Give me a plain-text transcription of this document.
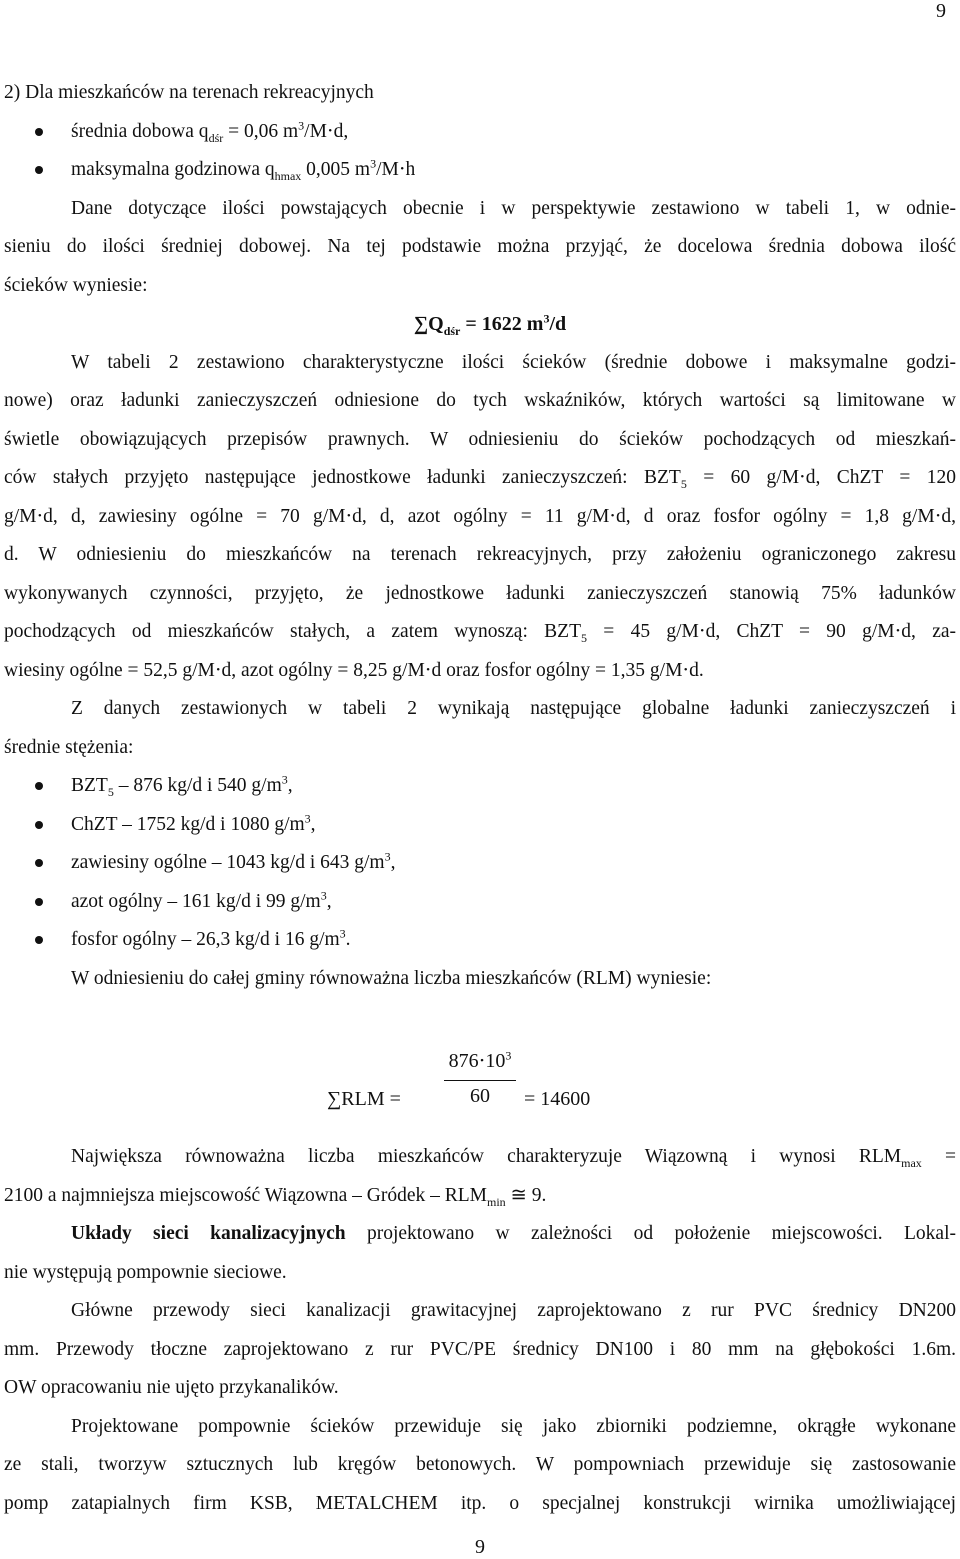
9
2) Dla mieszkańców na terenach rekreacyjnych
średnia dobowa $q_{dśr} = 0,06$ $m^3/M\cdot d$,
maksymalna godzinowa $q_{hmax}$ 0,005 $m^3/M\cdot h$
Dane dotyczące ilości powstających obecnie i w perspektywie zestawiono w tabeli 1, w odnie-
sieniu do ilości średniej dobowej. Na tej podstawie można przyjąć, że docelowa średnia dobowa ilość
ścieków wyniesie:
$\sum Q_{dśr} = 1622$ $m^3/d$
W tabeli 2 zestawiono charakterystyczne ilości ścieków (średnie dobowe i maksymalne godzi-
nowe) oraz ładunki zanieczyszczeń odniesione do tych wskaźników, których wartości są limitowane w
świetle obowiązujących przepisów prawnych. W odniesieniu do ścieków pochodzących od mieszkań-
ców stałych przyjęto następujące jednostkowe ładunki zanieczyszczeń: $BZT_5 = 60$ g/M⋅d, ChZT = 120
g/M⋅d, d, zawiesiny ogólne = 70 g/M⋅d, d, azot ogólny = 11 g/M⋅d, d oraz fosfor ogólny = 1,8 g/M⋅d,
d. W odniesieniu do mieszkańców na terenach rekreacyjnych, przy założeniu ograniczonego zakresu
wykonywanych czynności, przyjęto, że jednostkowe ładunki zanieczyszczeń stanowią 75% ładunków
pochodzących od mieszkańców stałych, a zatem wynoszą: $BZT_5 = 45$ g/M⋅d, ChZT = 90 g/M⋅d, za-
wiesiny ogólne = 52,5 g/M⋅d, azot ogólny = 8,25 g/M⋅d oraz fosfor ogólny = 1,35 g/M⋅d.
Z danych zestawionych w tabeli 2 wynikają następujące globalne ładunki zanieczyszczeń i
średnie stężenia:
$BZT_5 - 876$ kg/d i 540 $g/m^3$,
ChZT – 1752 kg/d i 1080 $g/m^3$,
zawiesiny ogólne – 1043 kg/d i 643 $g/m^3$,
azot ogólny – 161 kg/d i 99 $g/m^3$,
fosfor ogólny – 26,3 kg/d i 16 $g/m^3$.
W odniesieniu do całej gminy równoważna liczba mieszkańców (RLM) wyniesie:
∑RLM =
$876\cdot 10^3$
60	= 14600
Największa równoważna liczba mieszkańców charakteryzuje Wiązowną i wynosi $RLM_{max}$ =
2100 a najmniejsza miejscowość Wiązowna – Gródek – $RLM_{min}$ ≅ 9.
Układy sieci kanalizacyjnych projektowano w zależności od położenie miejscowości. Lokal-
nie występują pompownie sieciowe.
Główne przewody sieci kanalizacji grawitacyjnej zaprojektowano z rur PVC średnicy DN200
mm. Przewody tłoczne zaprojektowano z rur PVC/PE średnicy DN100 i 80 mm na głębokości 1.6m.
OW opracowaniu nie ujęto przykanalików.
Projektowane pompownie ścieków przewiduje się jako zbiorniki podziemne, okrągłe wykonane
ze stali, tworzyw sztucznych lub kręgów betonowych. W pompowniach przewiduje się zastosowanie
pomp zatapialnych firm KSB, METALCHEM itp. o specjalnej konstrukcji wirnika umożliwiającej
9
